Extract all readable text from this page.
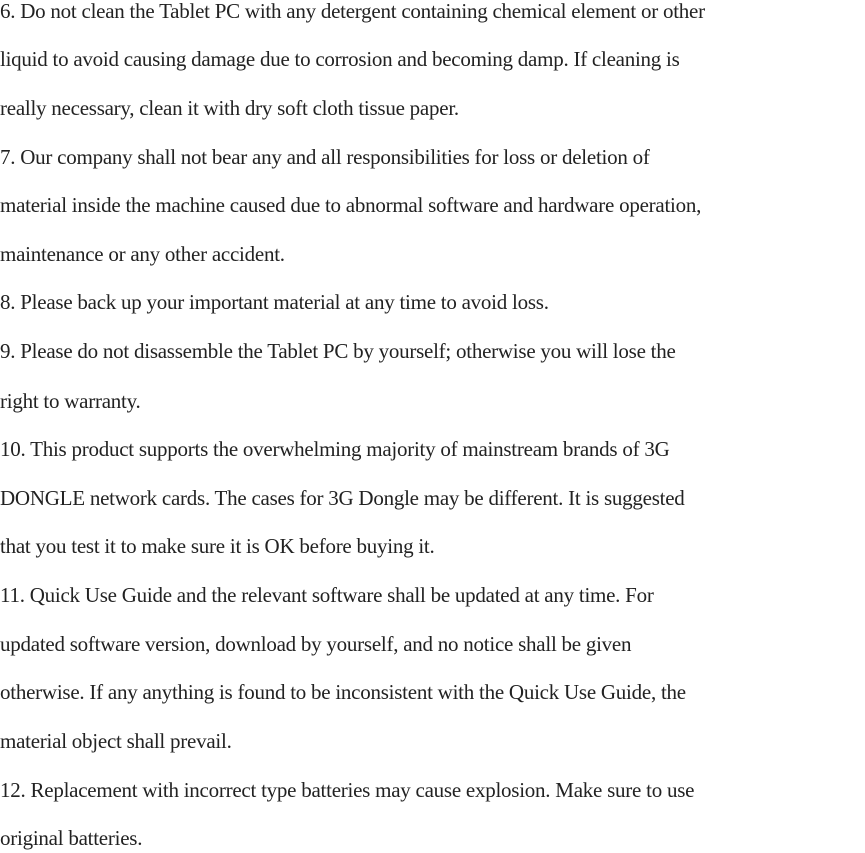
6. Do not clean the Tablet PC with any detergent containing chemical element or other
liquid to avoid causing damage due to corrosion and becoming damp. If cleaning is
really necessary, clean it with dry soft cloth tissue paper.
7. Our company shall not bear any and all responsibilities for loss or deletion of
material inside the machine caused due to abnormal software and hardware operation,
maintenance or any other accident.
8. Please back up your important material at any time to avoid loss.
9. Please do not disassemble the Tablet PC by yourself; otherwise you will lose the
right to warranty.
10. This product supports the overwhelming majority of mainstream brands of 3G
DONGLE network cards. The cases for 3G Dongle may be different. It is suggested
that you test it to make sure it is OK before buying it.
11. Quick Use Guide and the relevant software shall be updated at any time. For
updated software version, download by yourself, and no notice shall be given
otherwise. If any anything is found to be inconsistent with the Quick Use Guide, the
material object shall prevail.
12. Replacement with incorrect type batteries may cause explosion. Make sure to use
original batteries.
